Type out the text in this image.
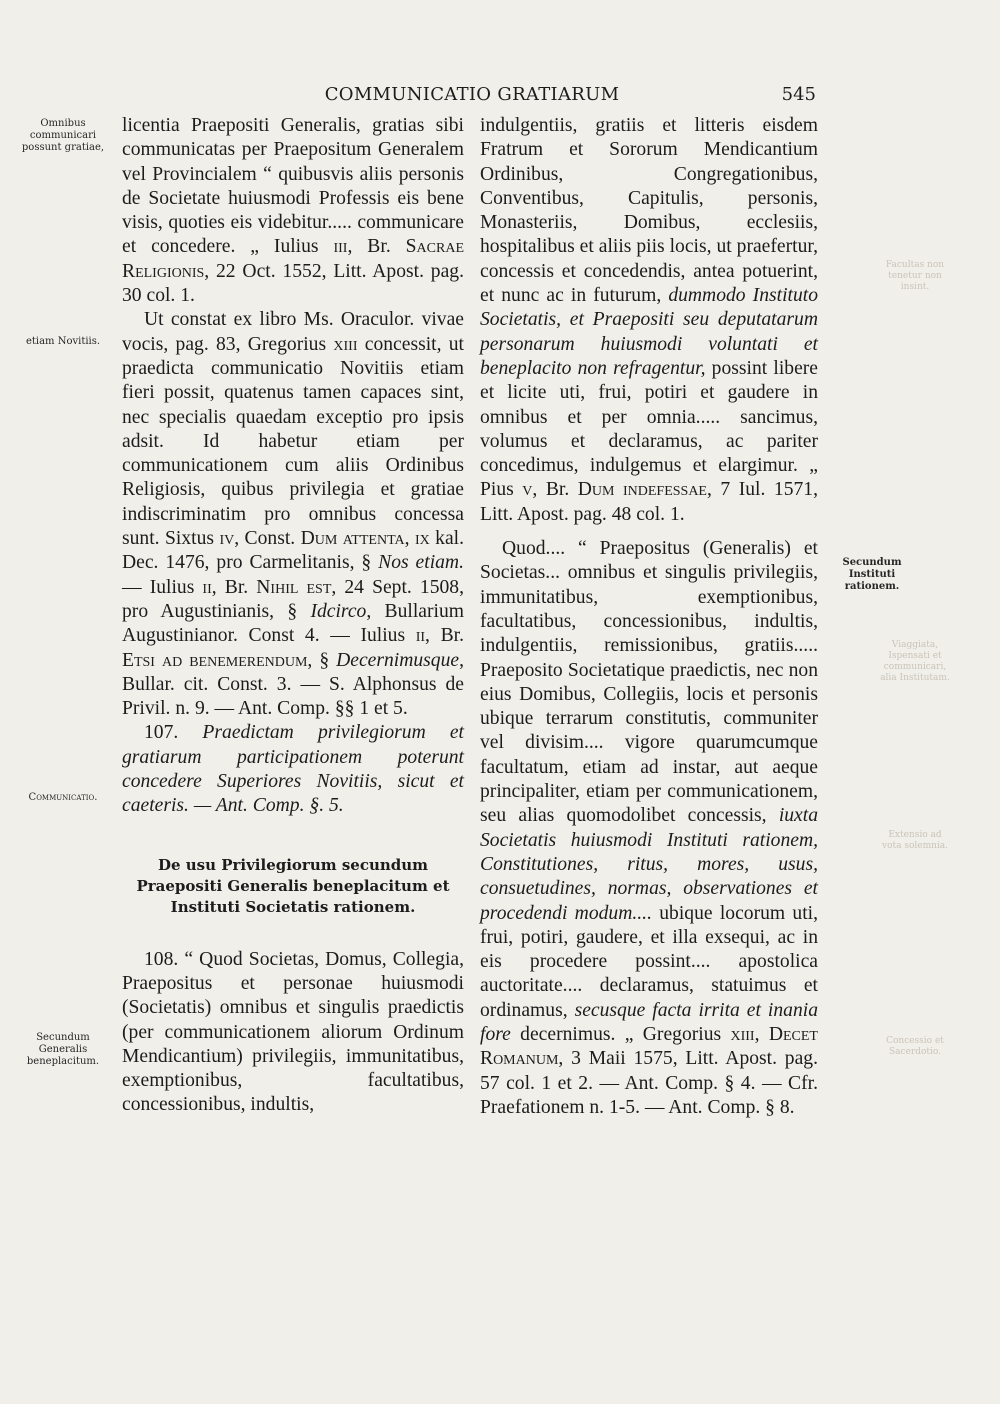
COMMUNICATIO GRATIARUM	545
Omnibus communicari possunt gratiae,
etiam Novitiis.
Communicatio.
Secundum Generalis beneplacitum.
Secundum Instituti rationem.
Facultas non tenetur non insint.
Viaggiata, Ispensati et communicari, alia Institutam.
Extensio ad vota solemnia.
Concessio et Sacerdotio.

licentia Praepositi Generalis, gratias sibi communicatas per Praepositum Generalem vel Provincialem “ quibusvis aliis personis de Societate huiusmodi Professis eis bene visis, quoties eis videbitur..... communicare et concedere. „ Iulius iii, Br. Sacrae Religionis, 22 Oct. 1552, Litt. Apost. pag. 30 col. 1.

Ut constat ex libro Ms. Oraculor. vivae vocis, pag. 83, Gregorius xiii concessit, ut praedicta communicatio Novitiis etiam fieri possit, quatenus tamen capaces sint, nec specialis quaedam exceptio pro ipsis adsit. Id habetur etiam per communicationem cum aliis Ordinibus Religiosis, quibus privilegia et gratiae indiscriminatim pro omnibus concessa sunt. Sixtus iv, Const. Dum attenta, ix kal. Dec. 1476, pro Carmelitanis, § Nos etiam. — Iulius ii, Br. Nihil est, 24 Sept. 1508, pro Augustinianis, § Idcirco, Bullarium Augustinianor. Const 4. — Iulius ii, Br. Etsi ad benemerendum, § Decernimusque, Bullar. cit. Const. 3. — S. Alphonsus de Privil. n. 9. — Ant. Comp. §§ 1 et 5.

107. Praedictam privilegiorum et gratiarum participationem poterunt concedere Superiores Novitiis, sicut et caeteris. — Ant. Comp. §. 5.

De usu Privilegiorum secundum Praepositi Generalis beneplacitum et Instituti Societatis rationem.

108. “ Quod Societas, Domus, Collegia, Praepositus et personae huiusmodi (Societatis) omnibus et singulis praedictis (per communicationem aliorum Ordinum Mendicantium) privilegiis, immunitatibus, exemptionibus, facultatibus, concessionibus, indultis,

indulgentiis, gratiis et litteris eisdem Fratrum et Sororum Mendicantium Ordinibus, Congregationibus, Conventibus, Capitulis, personis, Monasteriis, Domibus, ecclesiis, hospitalibus et aliis piis locis, ut praefertur, concessis et concedendis, antea potuerint, et nunc ac in futurum, dummodo Instituto Societatis, et Praepositi seu deputatarum personarum huiusmodi voluntati et beneplacito non refragentur, possint libere et licite uti, frui, potiri et gaudere in omnibus et per omnia..... sancimus, volumus et declaramus, ac pariter concedimus, indulgemus et elargimur. „ Pius v, Br. Dum indefessae, 7 Iul. 1571, Litt. Apost. pag. 48 col. 1.

Quod.... “ Praepositus (Generalis) et Societas... omnibus et singulis privilegiis, immunitatibus, exemptionibus, facultatibus, concessionibus, indultis, indulgentiis, remissionibus, gratiis..... Praeposito Societatique praedictis, nec non eius Domibus, Collegiis, locis et personis ubique terrarum constitutis, communiter vel divisim.... vigore quarumcumque facultatum, etiam ad instar, aut aeque principaliter, etiam per communicationem, seu alias quomodolibet concessis, iuxta Societatis huiusmodi Instituti rationem, Constitutiones, ritus, mores, usus, consuetudines, normas, observationes et procedendi modum.... ubique locorum uti, frui, potiri, gaudere, et illa exsequi, ac in eis procedere possint.... apostolica auctoritate.... declaramus, statuimus et ordinamus, secusque facta irrita et inania fore decernimus. „ Gregorius xiii, Decet Romanum, 3 Maii 1575, Litt. Apost. pag. 57 col. 1 et 2. — Ant. Comp. § 4. — Cfr. Praefationem n. 1-5. — Ant. Comp. § 8.
